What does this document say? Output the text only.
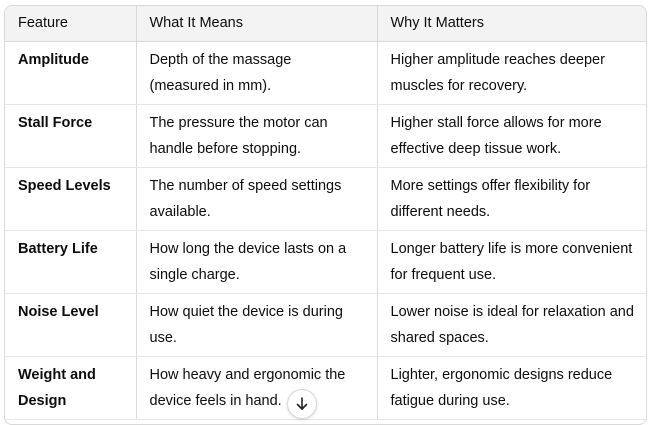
Feature	What It Means	Why It Matters
Amplitude	Depth of the massage (measured in mm).	Higher amplitude reaches deeper muscles for recovery.
Stall Force	The pressure the motor can handle before stopping.	Higher stall force allows for more effective deep tissue work.
Speed Levels	The number of speed settings available.	More settings offer flexibility for different needs.
Battery Life	How long the device lasts on a single charge.	Longer battery life is more convenient for frequent use.
Noise Level	How quiet the device is during use.	Lower noise is ideal for relaxation and shared spaces.
Weight and Design	How heavy and ergonomic the device feels in hand.	Lighter, ergonomic designs reduce fatigue during use.
